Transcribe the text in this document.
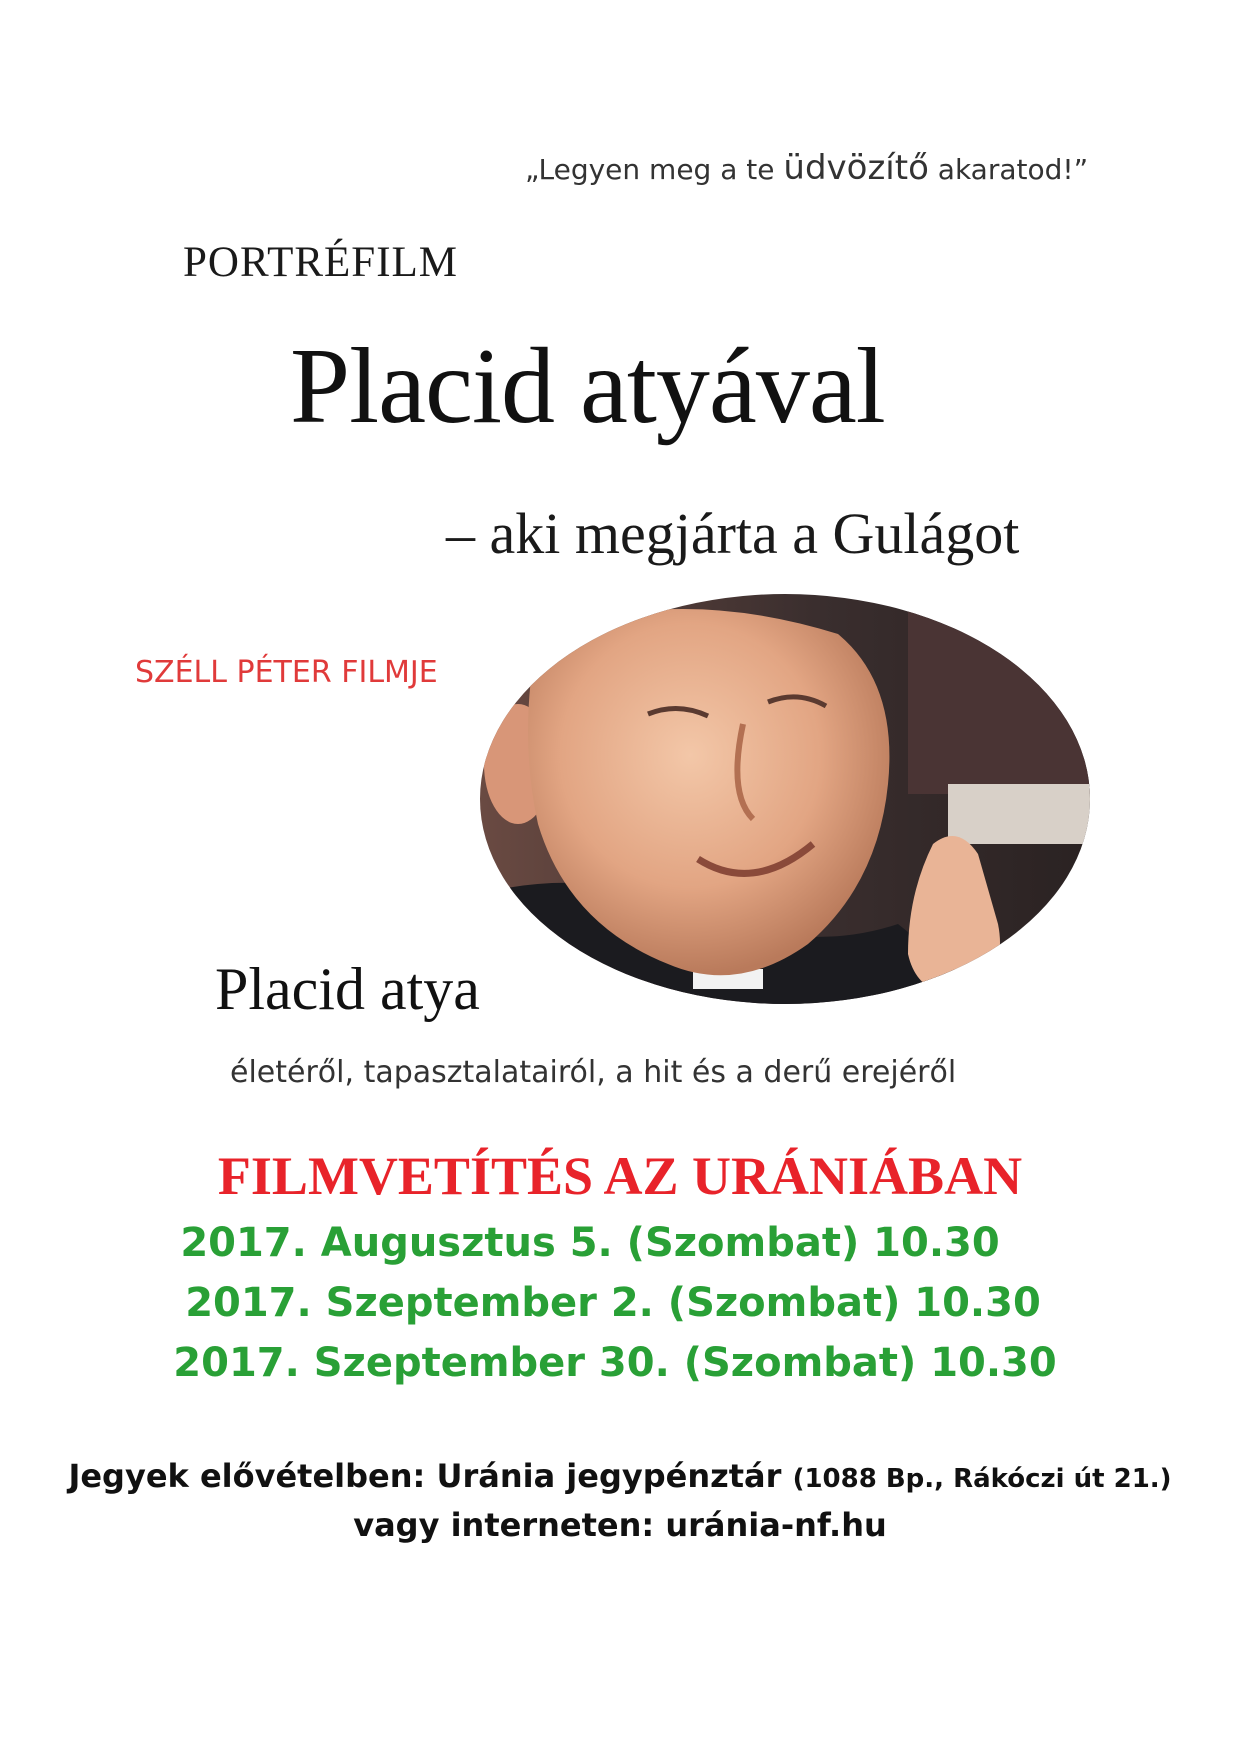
„Legyen meg a te üdvözítő akaratod!”
PORTRÉFILM
Placid atyával
– aki megjárta a Gulágot
SZÉLL PÉTER FILMJE
Placid atya
életéről, tapasztalatairól, a hit és a derű erejéről
FILMVETÍTÉS AZ URÁNIÁBAN
2017. Augusztus 5. (Szombat) 10.30
2017. Szeptember 2. (Szombat) 10.30
2017. Szeptember 30. (Szombat) 10.30
Jegyek elővételben: Uránia jegypénztár (1088 Bp., Rákóczi út 21.)
vagy interneten: uránia-nf.hu
